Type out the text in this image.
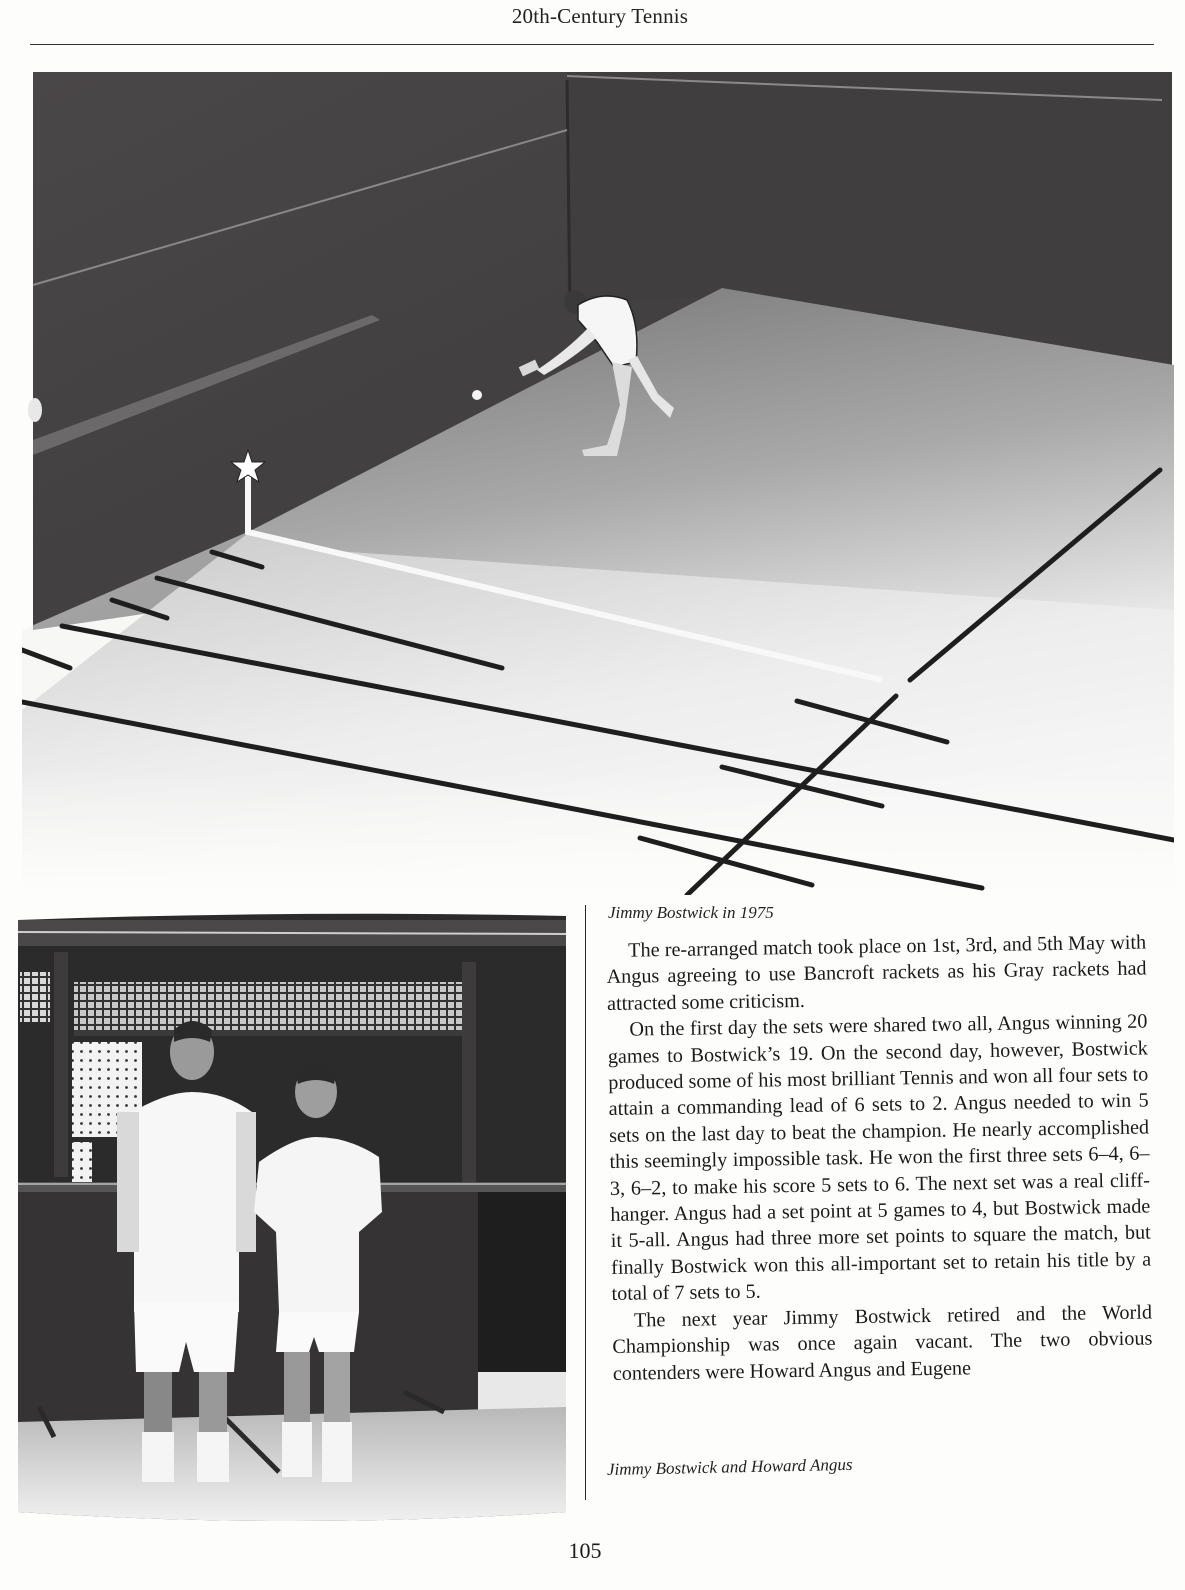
20th-Century Tennis
Jimmy Bostwick in 1975

The re-arranged match took place on 1st, 3rd, and 5th May with Angus agreeing to use Bancroft rackets as his Gray rackets had attracted some criticism.

On the first day the sets were shared two all, Angus winning 20 games to Bostwick’s 19. On the second day, however, Bostwick produced some of his most brilliant Tennis and won all four sets to attain a commanding lead of 6 sets to 2. Angus needed to win 5 sets on the last day to beat the champion. He nearly accomplished this seemingly impossible task. He won the first three sets 6–4, 6–3, 6–2, to make his score 5 sets to 6. The next set was a real cliff-hanger. Angus had a set point at 5 games to 4, but Bostwick made it 5-all. Angus had three more set points to square the match, but finally Bostwick won this all-important set to retain his title by a total of 7 sets to 5.

The next year Jimmy Bostwick retired and the World Championship was once again vacant. The two obvious contenders were Howard Angus and Eugene

Jimmy Bostwick and Howard Angus
105
